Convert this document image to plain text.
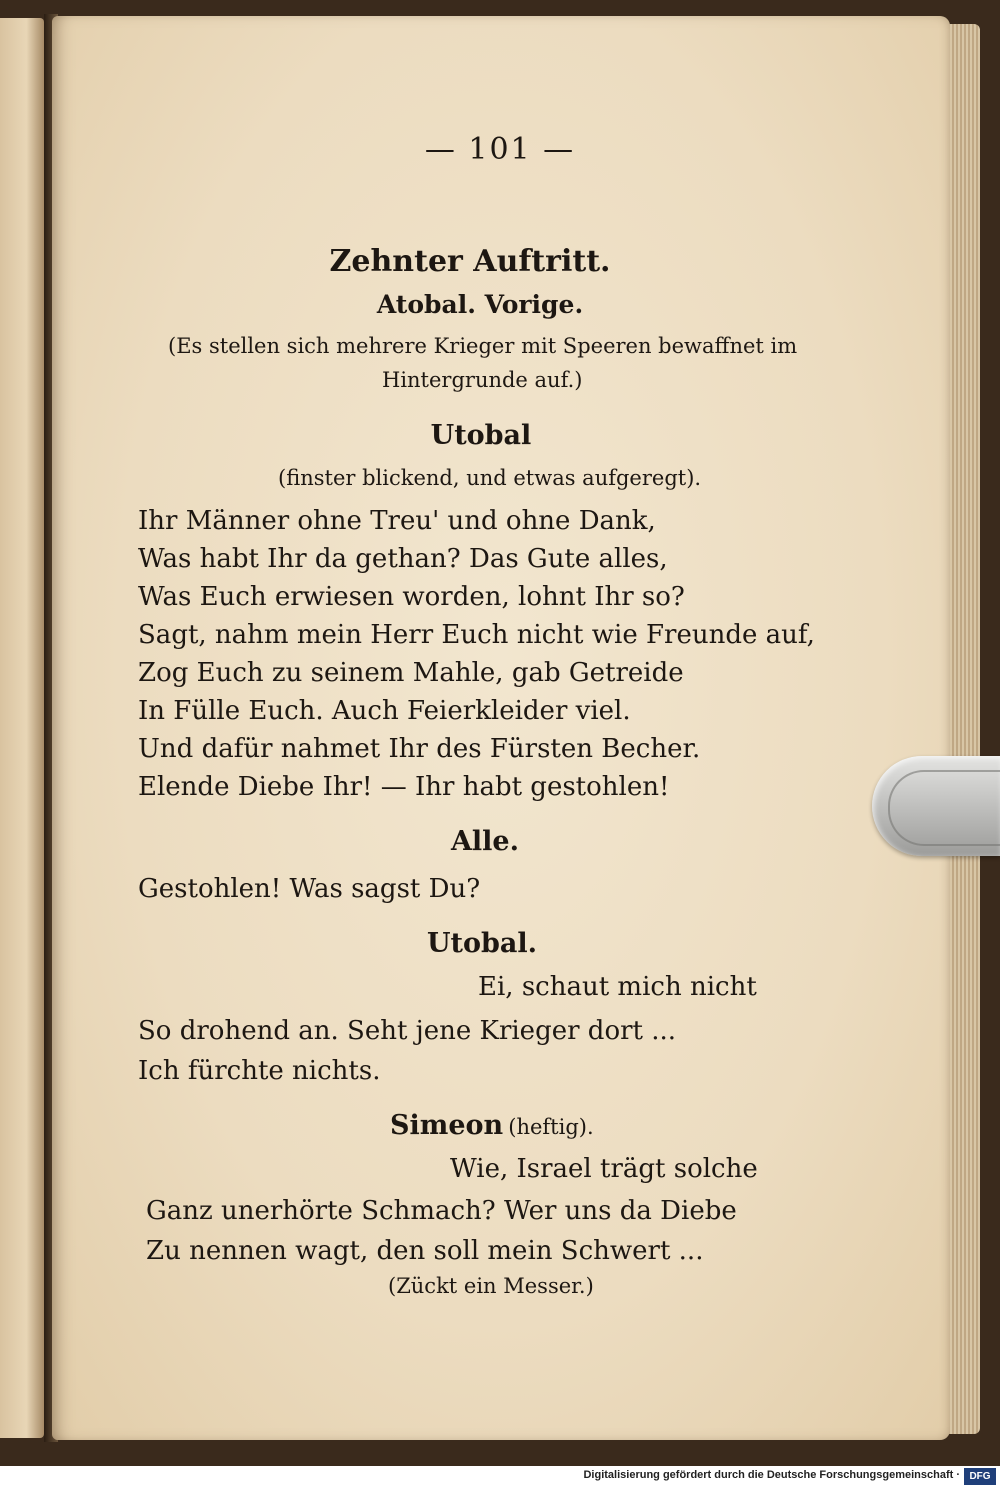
— 101 —

Zehnter Auftritt.

Atobal. Vorige.

(Es stellen sich mehrere Krieger mit Speeren bewaffnet im

Hintergrunde auf.)

Utobal

(finster blickend, und etwas aufgeregt).

Ihr Männer ohne Treu' und ohne Dank,

Was habt Ihr da gethan? Das Gute alles,

Was Euch erwiesen worden, lohnt Ihr so?

Sagt, nahm mein Herr Euch nicht wie Freunde auf,

Zog Euch zu seinem Mahle, gab Getreide

In Fülle Euch. Auch Feierkleider viel.

Und dafür nahmet Ihr des Fürsten Becher.

Elende Diebe Ihr! — Ihr habt gestohlen!

Alle.

Gestohlen! Was sagst Du?

Utobal.

Ei, schaut mich nicht

So drohend an. Seht jene Krieger dort ...

Ich fürchte nichts.

Simeon (heftig).

Wie, Israel trägt solche

Ganz unerhörte Schmach? Wer uns da Diebe

Zu nennen wagt, den soll mein Schwert ...

(Zückt ein Messer.)

Digitalisierung gefördert durch die Deutsche Forschungsgemeinschaft · DFG
